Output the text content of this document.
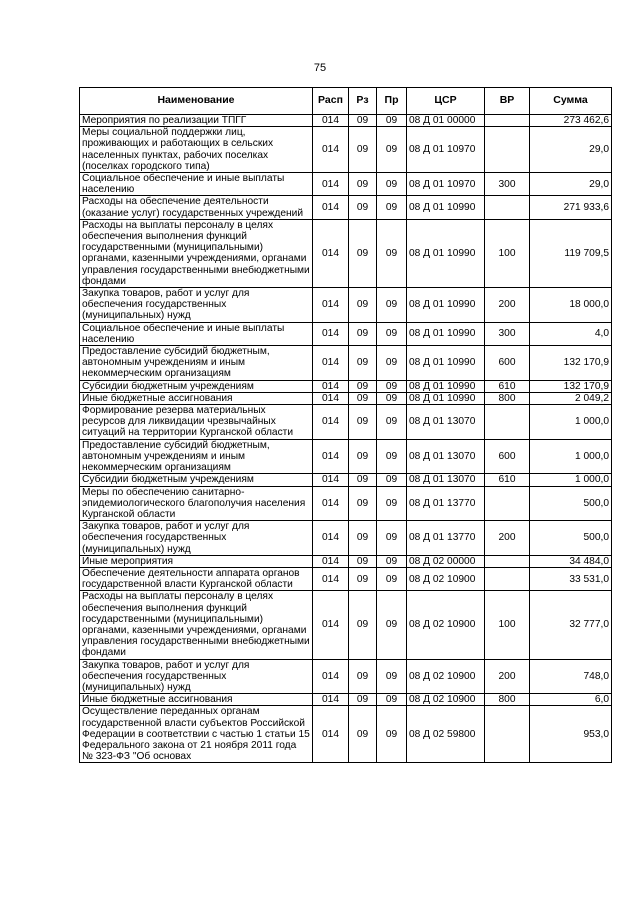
75
Наименование	Расп	Рз	Пр	ЦСР	ВР	Сумма
Мероприятия по реализации ТПГГ	014	09	09	08 Д 01 00000		273 462,6
Меры социальной поддержки лиц, проживающих и работающих в сельских населенных пунктах, рабочих поселках (поселках городского типа)	014	09	09	08 Д 01 10970		29,0
Социальное обеспечение и иные выплаты населению	014	09	09	08 Д 01 10970	300	29,0
Расходы на обеспечение деятельности (оказание услуг) государственных учреждений	014	09	09	08 Д 01 10990		271 933,6
Расходы на выплаты персоналу в целях обеспечения выполнения функций государственными (муниципальными) органами, казенными учреждениями, органами управления государственными внебюджетными фондами	014	09	09	08 Д 01 10990	100	119 709,5
Закупка товаров, работ и услуг для обеспечения государственных (муниципальных) нужд	014	09	09	08 Д 01 10990	200	18 000,0
Социальное обеспечение и иные выплаты населению	014	09	09	08 Д 01 10990	300	4,0
Предоставление субсидий бюджетным, автономным учреждениям и иным некоммерческим организациям	014	09	09	08 Д 01 10990	600	132 170,9
Субсидии бюджетным учреждениям	014	09	09	08 Д 01 10990	610	132 170,9
Иные бюджетные ассигнования	014	09	09	08 Д 01 10990	800	2 049,2
Формирование резерва материальных ресурсов для ликвидации чрезвычайных ситуаций на территории Курганской области	014	09	09	08 Д 01 13070		1 000,0
Предоставление субсидий бюджетным, автономным учреждениям и иным некоммерческим организациям	014	09	09	08 Д 01 13070	600	1 000,0
Субсидии бюджетным учреждениям	014	09	09	08 Д 01 13070	610	1 000,0
Меры по обеспечению санитарно-эпидемиологического благополучия населения Курганской области	014	09	09	08 Д 01 13770		500,0
Закупка товаров, работ и услуг для обеспечения государственных (муниципальных) нужд	014	09	09	08 Д 01 13770	200	500,0
Иные мероприятия	014	09	09	08 Д 02 00000		34 484,0
Обеспечение деятельности аппарата органов государственной власти Курганской области	014	09	09	08 Д 02 10900		33 531,0
Расходы на выплаты персоналу в целях обеспечения выполнения функций государственными (муниципальными) органами, казенными учреждениями, органами управления государственными внебюджетными фондами	014	09	09	08 Д 02 10900	100	32 777,0
Закупка товаров, работ и услуг для обеспечения государственных (муниципальных) нужд	014	09	09	08 Д 02 10900	200	748,0
Иные бюджетные ассигнования	014	09	09	08 Д 02 10900	800	6,0
Осуществление переданных органам государственной власти субъектов Российской Федерации в соответствии с частью 1 статьи 15 Федерального закона от 21 ноября 2011 года № 323-ФЗ "Об основах	014	09	09	08 Д 02 59800		953,0
